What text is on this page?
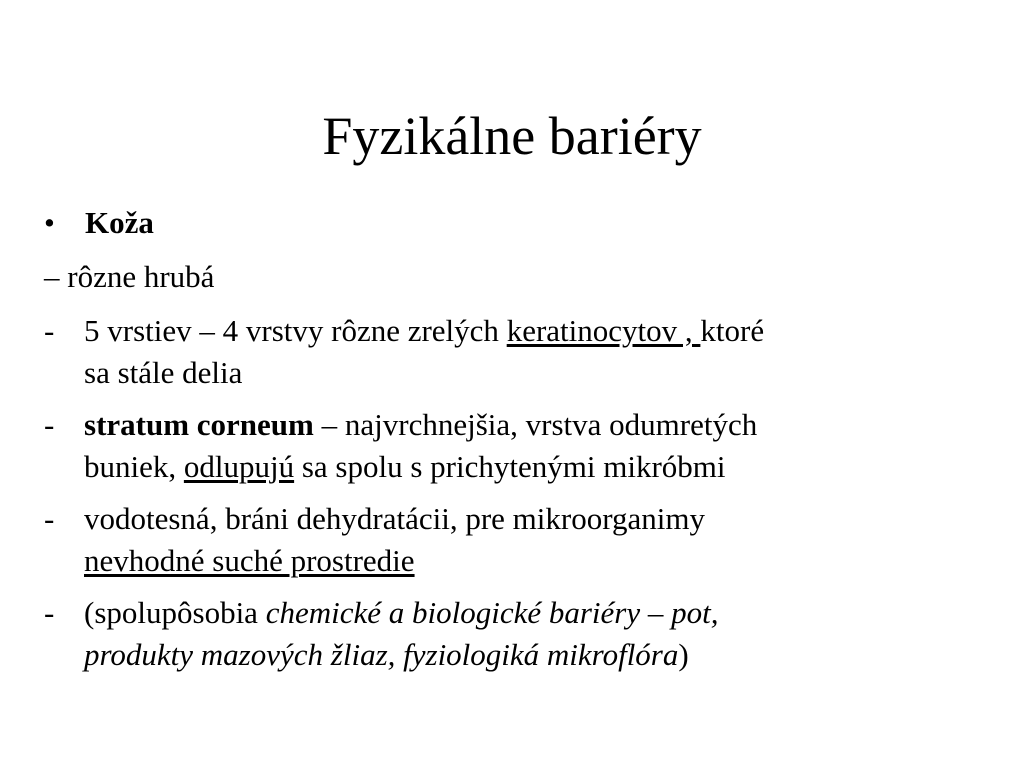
Fyzikálne bariéry
• Koža
– rôzne hrubá
- 5 vrstiev – 4 vrstvy rôzne zrelých keratinocytov , ktoré
sa stále delia
- stratum corneum – najvrchnejšia, vrstva odumretých
buniek, odlupujú sa spolu s prichytenými mikróbmi
- vodotesná, bráni dehydratácii, pre mikroorganimy
nevhodné suché prostredie
- (spolupôsobia chemické a biologické bariéry – pot,
produkty mazových žliaz, fyziologiká mikroflóra)
